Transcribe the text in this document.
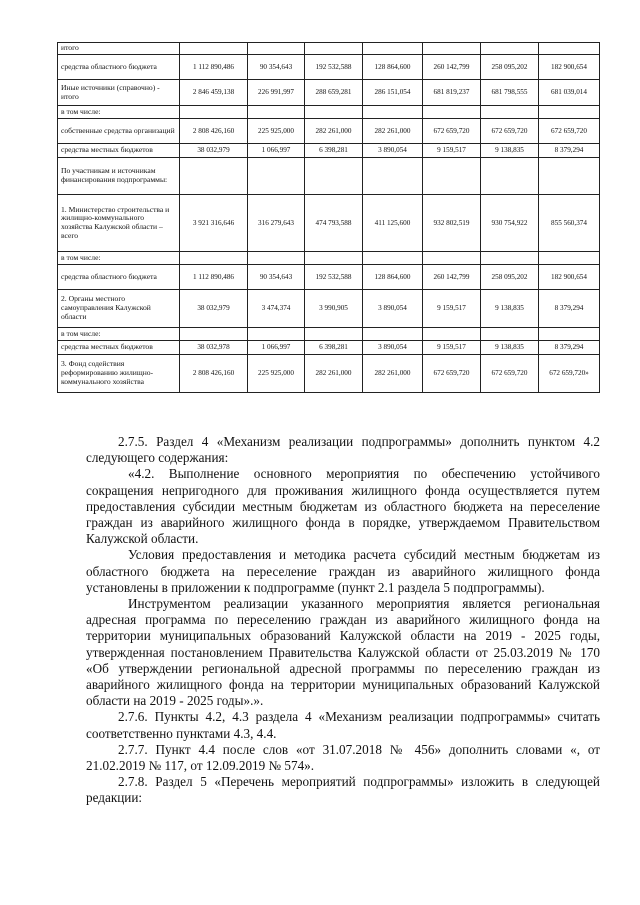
итого							
средства областного бюджета	1 112 890,486	90 354,643	192 532,588	128 864,600	260 142,799	258 095,202	182 900,654
Иные источники (справочно) - итого	2 846 459,138	226 991,997	288 659,281	286 151,054	681 819,237	681 798,555	681 039,014
в том числе:							
собственные средства организаций	2 808 426,160	225 925,000	282 261,000	282 261,000	672 659,720	672 659,720	672 659,720
средства местных бюджетов	38 032,979	1 066,997	6 398,281	3 890,054	9 159,517	9 138,835	8 379,294
По участникам и источникам финансирования подпрограммы:							
1. Министерство строительства и жилищно-коммунального хозяйства Калужской области – всего	3 921 316,646	316 279,643	474 793,588	411 125,600	932 802,519	930 754,922	855 560,374
в том числе:							
средства областного бюджета	1 112 890,486	90 354,643	192 532,588	128 864,600	260 142,799	258 095,202	182 900,654
2. Органы местного самоуправления Калужской области	38 032,979	3 474,374	3 990,905	3 890,054	9 159,517	9 138,835	8 379,294
в том числе:							
средства местных бюджетов	38 032,978	1 066,997	6 398,281	3 890,054	9 159,517	9 138,835	8 379,294
3. Фонд содействия реформированию жилищно-коммунального хозяйства	2 808 426,160	225 925,000	282 261,000	282 261,000	672 659,720	672 659,720	672 659,720»

2.7.5. Раздел 4 «Механизм реализации подпрограммы» дополнить пунктом 4.2 следующего содержания:

«4.2. Выполнение основного мероприятия по обеспечению устойчивого сокращения непригодного для проживания жилищного фонда осуществляется путем предоставления субсидии местным бюджетам из областного бюджета на переселение граждан из аварийного жилищного фонда в порядке, утверждаемом Правительством Калужской области.

Условия предоставления и методика расчета субсидий местным бюджетам из областного бюджета на переселение граждан из аварийного жилищного фонда установлены в приложении к подпрограмме (пункт 2.1 раздела 5 подпрограммы).

Инструментом реализации указанного мероприятия является региональная адресная программа по переселению граждан из аварийного жилищного фонда на территории муниципальных образований Калужской области на 2019 - 2025 годы, утвержденная постановлением Правительства Калужской области от 25.03.2019 № 170 «Об утверждении региональной адресной программы по переселению граждан из аварийного жилищного фонда на территории муниципальных образований Калужской области на 2019 - 2025 годы».».

2.7.6. Пункты 4.2, 4.3 раздела 4 «Механизм реализации подпрограммы» считать соответственно пунктами 4.3, 4.4.

2.7.7. Пункт 4.4 после слов «от 31.07.2018 № 456» дополнить словами «, от 21.02.2019 № 117, от 12.09.2019 № 574».

2.7.8. Раздел 5 «Перечень мероприятий подпрограммы» изложить в следующей редакции:
